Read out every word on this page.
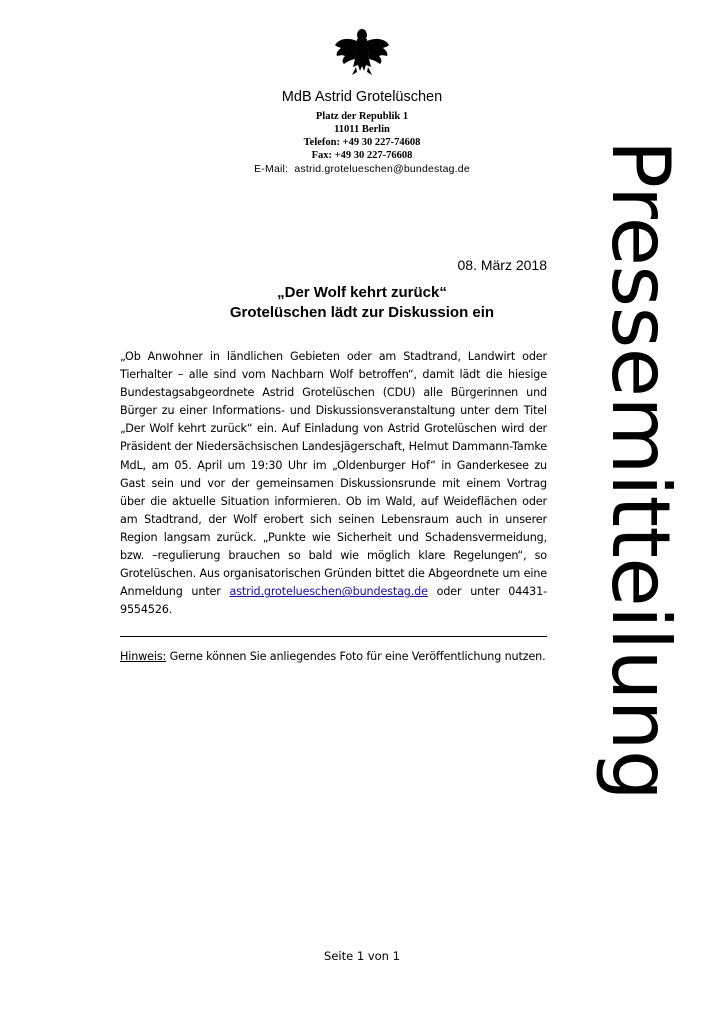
MdB Astrid Grotelüschen
Platz der Republik 1
11011 Berlin
Telefon: +49 30 227-74608
Fax: +49 30 227-76608
E-Mail: astrid.grotelueschen@bundestag.de	Pressemitteilung
08. März 2018
„Der Wolf kehrt zurück“
Grotelüschen lädt zur Diskussion ein
„Ob Anwohner in ländlichen Gebieten oder am Stadtrand, Landwirt oder Tierhalter – alle sind vom Nachbarn Wolf betroffen“, damit lädt die hiesige Bundestagsabgeordnete Astrid Grotelüschen (CDU) alle Bürgerinnen und Bürger zu einer Informations- und Diskussionsveranstaltung unter dem Titel „Der Wolf kehrt zurück“ ein. Auf Einladung von Astrid Grotelüschen wird der Präsident der Niedersächsischen Landesjägerschaft, Helmut Dammann-Tamke MdL, am 05. April um 19:30 Uhr im „Oldenburger Hof“ in Ganderkesee zu Gast sein und vor der gemeinsamen Diskussionsrunde mit einem Vortrag über die aktuelle Situation informieren. Ob im Wald, auf Weideflächen oder am Stadtrand, der Wolf erobert sich seinen Lebensraum auch in unserer Region langsam zurück. „Punkte wie Sicherheit und Schadensvermeidung, bzw. –regulierung brauchen so bald wie möglich klare Regelungen“, so Grotelüschen. Aus organisatorischen Gründen bittet die Abgeordnete um eine Anmeldung unter astrid.grotelueschen@bundestag.de oder unter 04431-9554526.
Hinweis: Gerne können Sie anliegendes Foto für eine Veröffentlichung nutzen.
Seite 1 von 1
